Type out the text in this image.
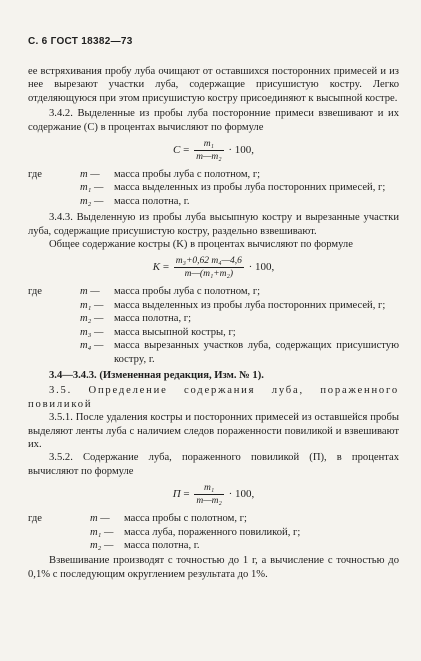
С. 6 ГОСТ 18382—73

ее встряхивания пробу луба очищают от оставшихся посторонних примесей и из нее вырезают участки луба, содержащие присушистую кострy. Легко отделяющуюся при этом присушистую кострy присоединяют к высыпной костре.

3.4.2. Выделенные из пробы луба посторонние примеси взвешивают и их содержание (C) в процентах вычисляют по формуле

$C = \frac{\text{m₁}}{\text{m—m₂}} \cdot 100$,
где	m —	масса пробы луба с полотном, г;
m₁ — масса выделенных из пробы луба посторонних примесей, г;
m₂ — масса полотна, г.

3.4.3. Выделенную из пробы луба высыпную кострy и вырезанные участки луба, содержащие присушистую кострy, раздельно взвешивают.

Общее содержание костры (K) в процентах вычисляют по формуле

$K = \frac{\text{m₃+0,62 m₄—4,6}}{\text{m—(m₁+m₂)}} \cdot 100$,
где	m —	масса пробы луба с полотном, г;
m₁ — масса выделенных из пробы луба посторонних примесей, г;
m₂ — масса полотна, г;
m₃ — масса высыпной костры, г;
m₄ — масса вырезанных участков луба, содержащих присушистую кострy, г.

3.4—3.4.3. (Измененная редакция, Изм. № 1).

3.5. Определение содержания луба, пораженного повиликой

3.5.1. После удаления костры и посторонних примесей из оставшейся пробы выделяют ленты луба с наличием следов пораженности повиликой и взвешивают их.

3.5.2. Содержание луба, пораженного повиликой (П), в процентах вычисляют по формуле

$П = \frac{\text{m₁}}{\text{m—m₂}} \cdot 100$,
где	m —	масса пробы с полотном, г;
m₁ — масса луба, пораженного повиликой, г;
m₂ — масса полотна, г.

Взвешивание производят с точностью до 1 г, а вычисление с точностью до 0,1% с последующим округлением результата до 1%.
